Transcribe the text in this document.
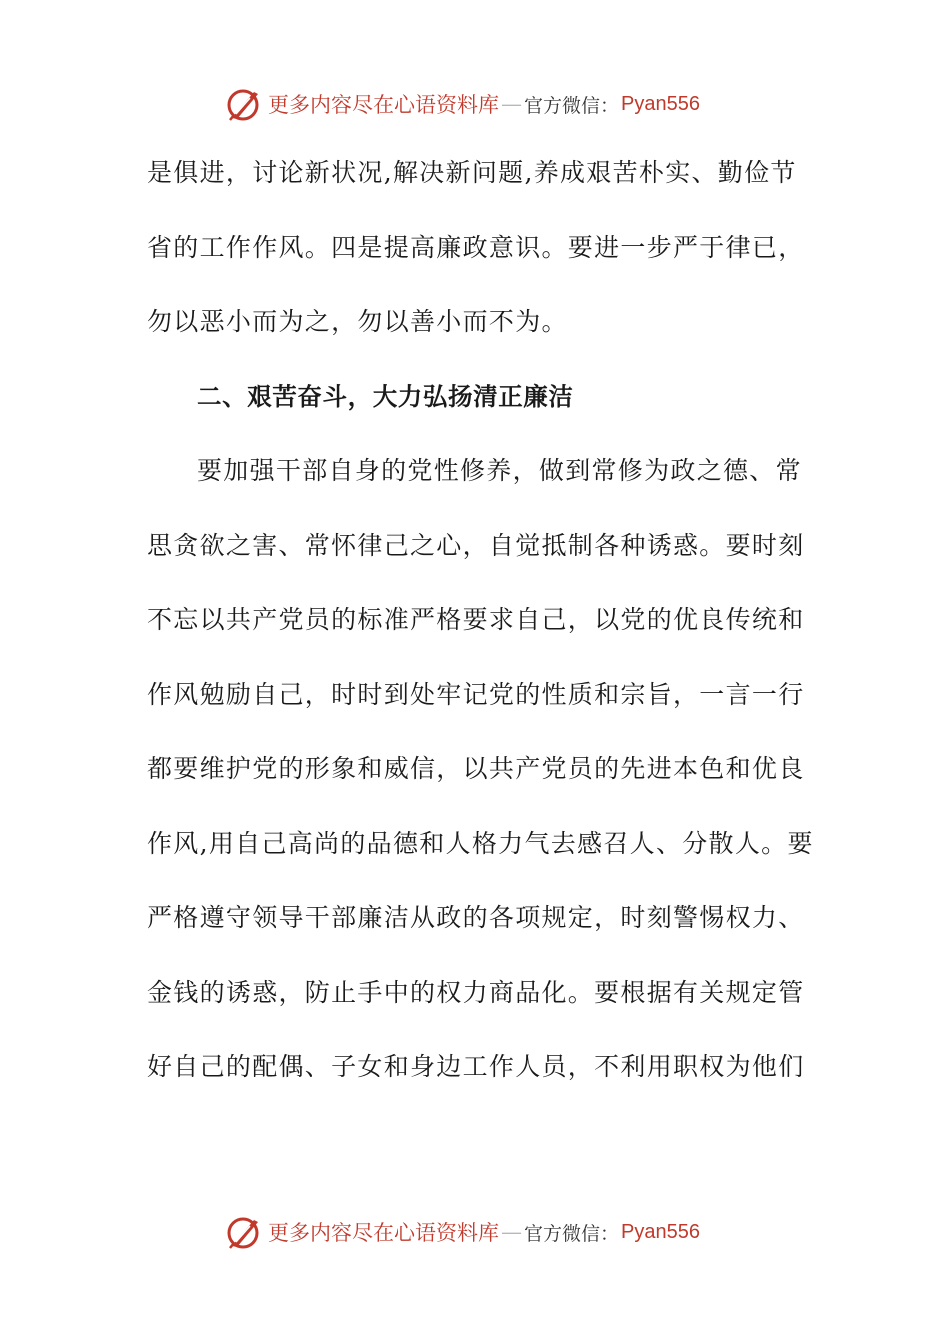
更多内容尽在心语资料库 — 官方微信： Pyan556
是俱进，讨论新状况,解决新问题,养成艰苦朴实、勤俭节
省的工作作风。四是提高廉政意识。要进一步严于律已，
勿以恶小而为之，勿以善小而不为。
二、艰苦奋斗，大力弘扬清正廉洁
要加强干部自身的党性修养，做到常修为政之德、常
思贪欲之害、常怀律己之心，自觉抵制各种诱惑。要时刻
不忘以共产党员的标准严格要求自己，以党的优良传统和
作风勉励自己，时时到处牢记党的性质和宗旨，一言一行
都要维护党的形象和威信，以共产党员的先进本色和优良
作风,用自己高尚的品德和人格力气去感召人、分散人。要
严格遵守领导干部廉洁从政的各项规定，时刻警惕权力、
金钱的诱惑，防止手中的权力商品化。要根据有关规定管
好自己的配偶、子女和身边工作人员，不利用职权为他们
更多内容尽在心语资料库 — 官方微信： Pyan556
